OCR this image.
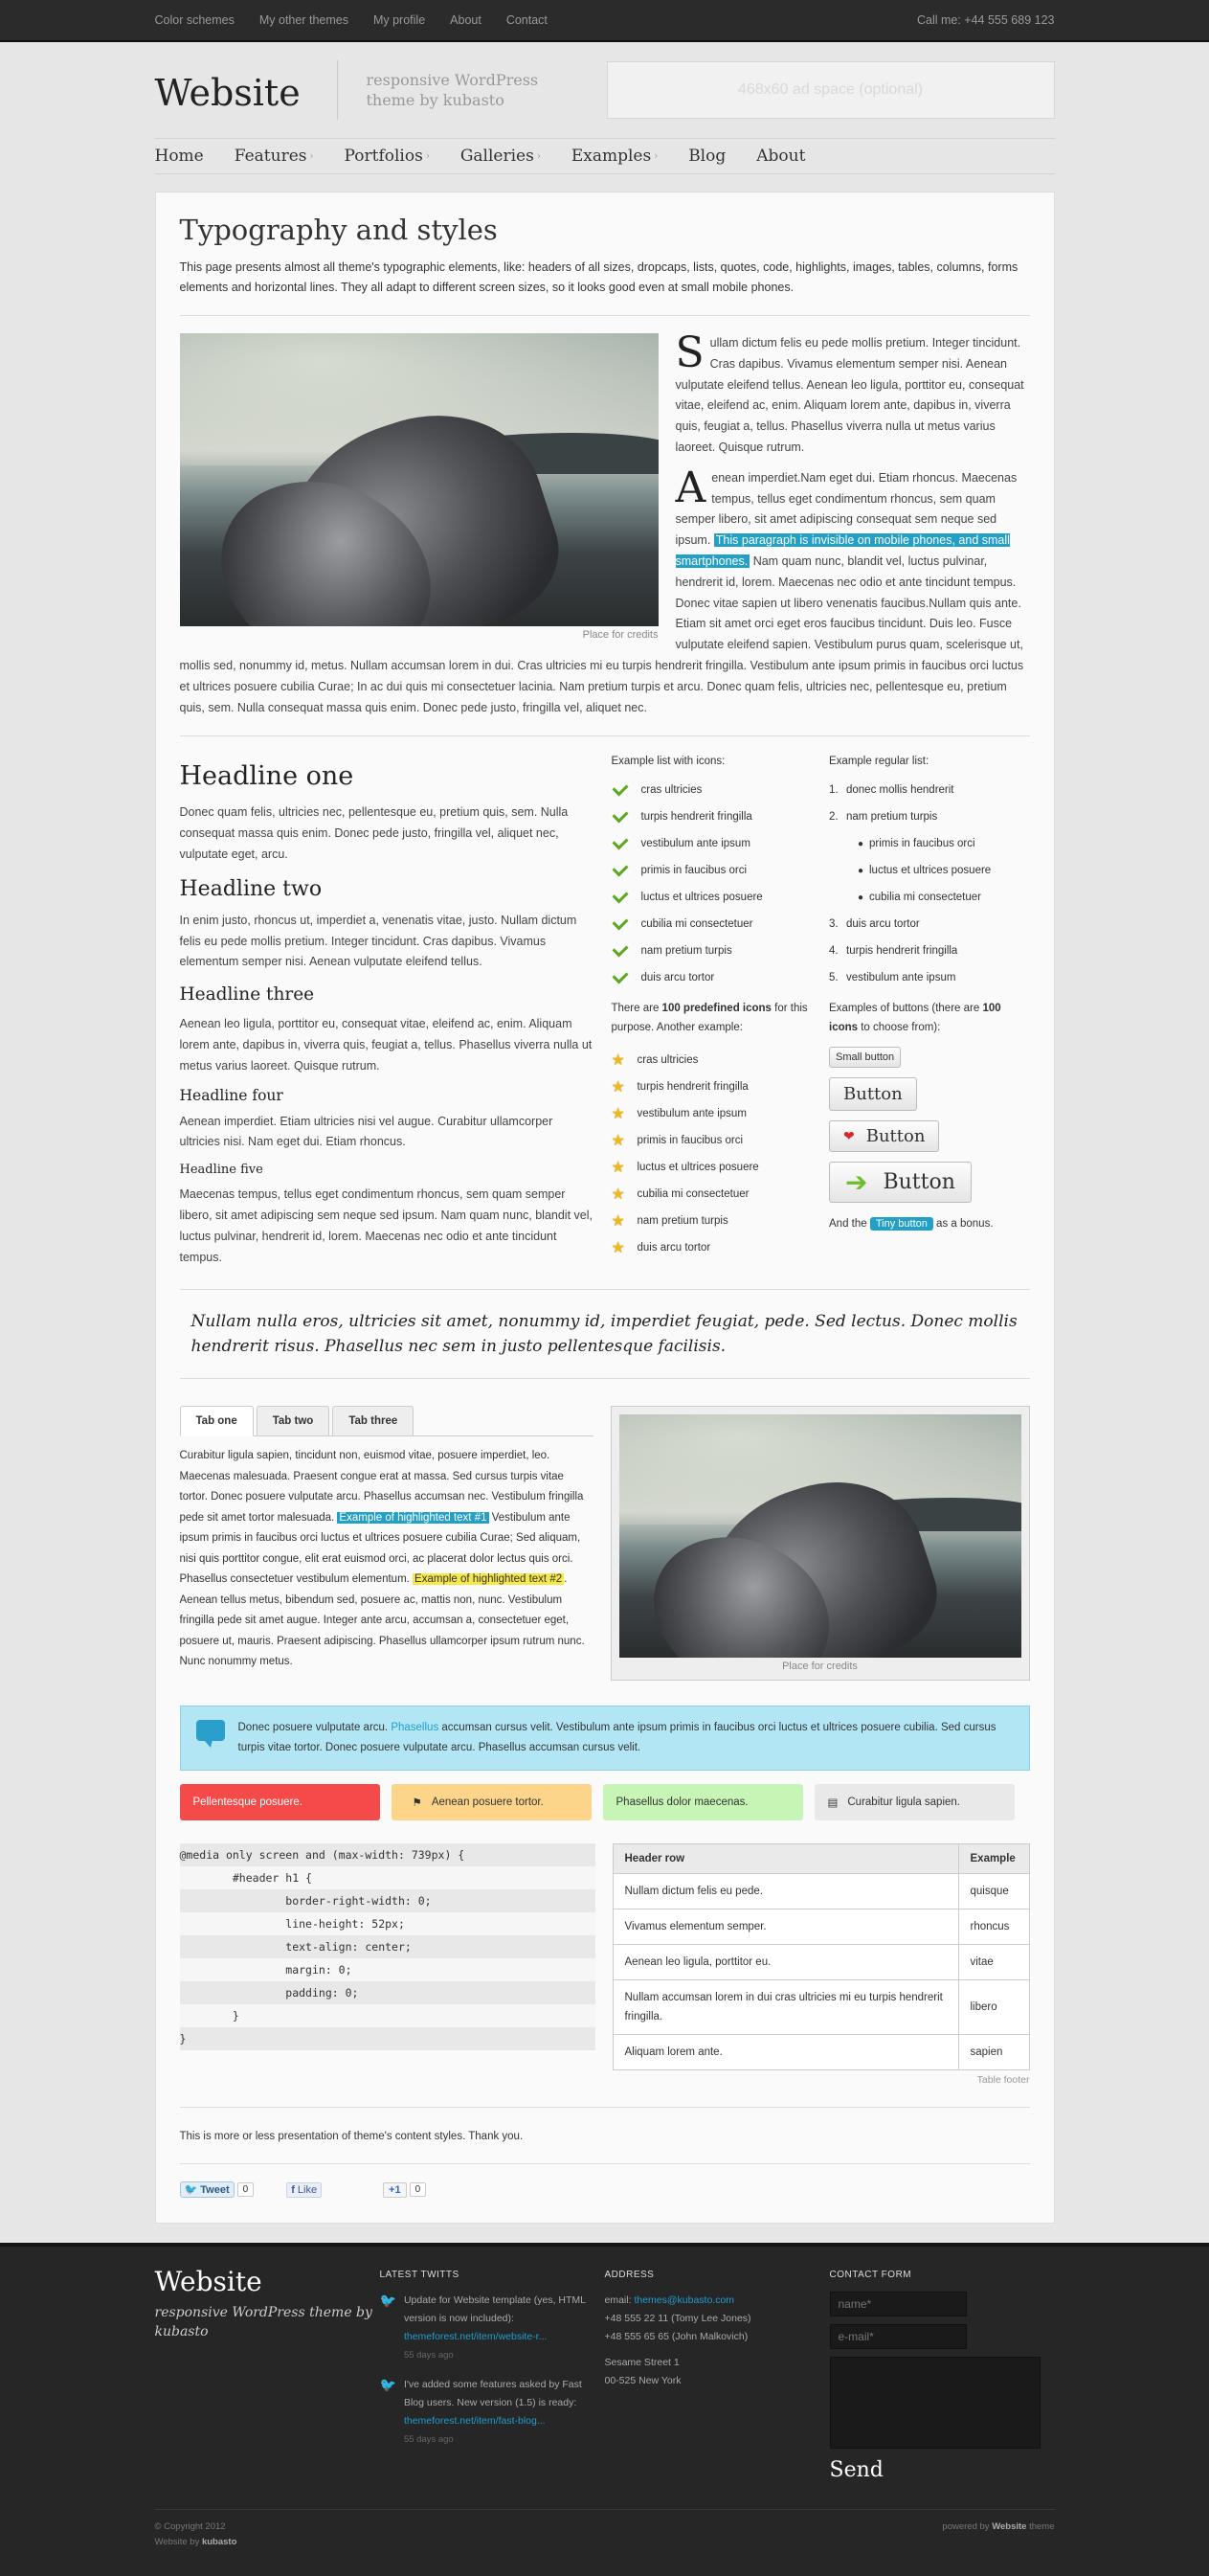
Color schemes My other themes My profile About Contact	Call me: +44 555 689 123
Website	responsive WordPress theme by kubasto
468x60 ad space (optional)
Home Features › Portfolios › Galleries › Examples › Blog About
Typography and styles

This page presents almost all theme's typographic elements, like: headers of all sizes, dropcaps, lists, quotes, code, highlights, images, tables, columns, forms elements and horizontal lines. They all adapt to different screen sizes, so it looks good even at small mobile phones.

Place for credits

Sullam dictum felis eu pede mollis pretium. Integer tincidunt. Cras dapibus. Vivamus elementum semper nisi. Aenean vulputate eleifend tellus. Aenean leo ligula, porttitor eu, consequat vitae, eleifend ac, enim. Aliquam lorem ante, dapibus in, viverra quis, feugiat a, tellus. Phasellus viverra nulla ut metus varius laoreet. Quisque rutrum.

Aenean imperdiet.Nam eget dui. Etiam rhoncus. Maecenas tempus, tellus eget condimentum rhoncus, sem quam semper libero, sit amet adipiscing consequat sem neque sed ipsum. This paragraph is invisible on mobile phones, and small smartphones. Nam quam nunc, blandit vel, luctus pulvinar, hendrerit id, lorem. Maecenas nec odio et ante tincidunt tempus. Donec vitae sapien ut libero venenatis faucibus.Nullam quis ante. Etiam sit amet orci eget eros faucibus tincidunt. Duis leo. Fusce vulputate eleifend sapien. Vestibulum purus quam, scelerisque ut, mollis sed, nonummy id, metus. Nullam accumsan lorem in dui. Cras ultricies mi eu turpis hendrerit fringilla. Vestibulum ante ipsum primis in faucibus orci luctus et ultrices posuere cubilia Curae; In ac dui quis mi consectetuer lacinia. Nam pretium turpis et arcu. Donec quam felis, ultricies nec, pellentesque eu, pretium quis, sem. Nulla consequat massa quis enim. Donec pede justo, fringilla vel, aliquet nec.

Headline one

Donec quam felis, ultricies nec, pellentesque eu, pretium quis, sem. Nulla consequat massa quis enim. Donec pede justo, fringilla vel, aliquet nec, vulputate eget, arcu.

Headline two

In enim justo, rhoncus ut, imperdiet a, venenatis vitae, justo. Nullam dictum felis eu pede mollis pretium. Integer tincidunt. Cras dapibus. Vivamus elementum semper nisi. Aenean vulputate eleifend tellus.

Headline three

Aenean leo ligula, porttitor eu, consequat vitae, eleifend ac, enim. Aliquam lorem ante, dapibus in, viverra quis, feugiat a, tellus. Phasellus viverra nulla ut metus varius laoreet. Quisque rutrum.

Headline four

Aenean imperdiet. Etiam ultricies nisi vel augue. Curabitur ullamcorper ultricies nisi. Nam eget dui. Etiam rhoncus.

Headline five

Maecenas tempus, tellus eget condimentum rhoncus, sem quam semper libero, sit amet adipiscing sem neque sed ipsum. Nam quam nunc, blandit vel, luctus pulvinar, hendrerit id, lorem. Maecenas nec odio et ante tincidunt tempus.

Example list with icons:
cras ultricies
turpis hendrerit fringilla
vestibulum ante ipsum
primis in faucibus orci
luctus et ultrices posuere
cubilia mi consectetuer
nam pretium turpis
duis arcu tortor

There are 100 predefined icons for this purpose. Another example:

★ cras ultricies
★ turpis hendrerit fringilla
★ vestibulum ante ipsum
★ primis in faucibus orci
★ luctus et ultrices posuere
★ cubilia mi consectetuer
★ nam pretium turpis
★ duis arcu tortor
Example regular list:
1. donec mollis hendrerit
2. nam pretium turpis
● primis in faucibus orci
● luctus et ultrices posuere
● cubilia mi consectetuer
3. duis arcu tortor
4. turpis hendrerit fringilla
5. vestibulum ante ipsum

Examples of buttons (there are 100 icons to choose from):

Small button
Button
❤ Button
➔ Button

And the Tiny button as a bonus.

Nullam nulla eros, ultricies sit amet, nonummy id, imperdiet feugiat, pede. Sed lectus. Donec mollis hendrerit risus. Phasellus nec sem in justo pellentesque facilisis.
Tab one	Tab two	Tab three

Curabitur ligula sapien, tincidunt non, euismod vitae, posuere imperdiet, leo. Maecenas malesuada. Praesent congue erat at massa. Sed cursus turpis vitae tortor. Donec posuere vulputate arcu. Phasellus accumsan nec. Vestibulum fringilla pede sit amet tortor malesuada. Example of highlighted text #1 Vestibulum ante ipsum primis in faucibus orci luctus et ultrices posuere cubilia Curae; Sed aliquam, nisi quis porttitor congue, elit erat euismod orci, ac placerat dolor lectus quis orci. Phasellus consectetuer vestibulum elementum. Example of highlighted text #2 . Aenean tellus metus, bibendum sed, posuere ac, mattis non, nunc. Vestibulum fringilla pede sit amet augue. Integer ante arcu, accumsan a, consectetuer eget, posuere ut, mauris. Praesent adipiscing. Phasellus ullamcorper ipsum rutrum nunc. Nunc nonummy metus.	Place for credits
Donec posuere vulputate arcu. Phasellus accumsan cursus velit. Vestibulum ante ipsum primis in faucibus orci luctus et ultrices posuere cubilia. Sed cursus turpis vitae tortor. Donec posuere vulputate arcu. Phasellus accumsan cursus velit.
Pellentesque posuere.	⚑ Aenean posuere tortor.	Phasellus dolor maecenas.	▤ Curabitur ligula sapien.
@media only screen and (max-width: 739px) {
#header h1 {
border-right-width: 0;
line-height: 52px;
text-align: center;
margin: 0;
padding: 0;
}
}
Header row	Example
Nullam dictum felis eu pede.	quisque
Vivamus elementum semper.	rhoncus
Aenean leo ligula, porttitor eu.	vitae
Nullam accumsan lorem in dui cras ultricies mi eu turpis hendrerit fringilla.	libero
Aliquam lorem ante.	sapien
Table footer

This is more or less presentation of theme's content styles. Thank you.

🐦 Tweet	0	f Like	+1	0
Website
responsive WordPress theme by kubasto
LATEST TWITTS
🐦 Update for Website template (yes, HTML version is now included):
themeforest.net/item/website-r...
55 days ago
🐦 I've added some features asked by Fast Blog users. New version (1.5) is ready: themeforest.net/item/fast-blog...
55 days ago
ADDRESS
email: themes@kubasto.com
+48 555 22 11 (Tomy Lee Jones)
+48 555 65 65 (John Malkovich)
Sesame Street 1
00-525 New York
CONTACT FORM
name* e-mail*
Send
© Copyright 2012
Website by kubasto
powered by Website theme
